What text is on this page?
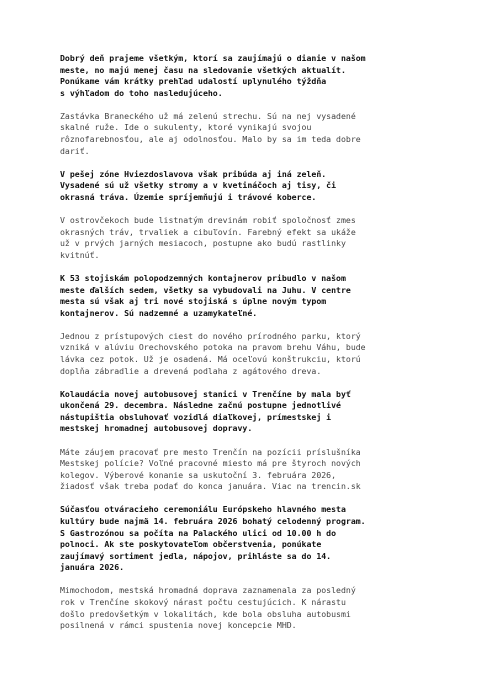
Dobrý deň prajeme všetkým, ktorí sa zaujímajú o dianie v našom
meste, no majú menej času na sledovanie všetkých aktualít.
Ponúkame vám krátky prehľad udalostí uplynulého týždňa
s výhľadom do toho nasledujúceho.

Zastávka Braneckého už má zelenú strechu. Sú na nej vysadené
skalné ruže. Ide o sukulenty, ktoré vynikajú svojou
rôznofarebnosťou, ale aj odolnosťou. Malo by sa im teda dobre
dariť.

V pešej zóne Hviezdoslavova však pribúda aj iná zeleň.
Vysadené sú už všetky stromy a v kvetináčoch aj tisy, či
okrasná tráva. Územie spríjemňujú i trávové koberce.

V ostrovčekoch bude listnatým drevinám robiť spoločnosť zmes
okrasných tráv, trvaliek a cibuľovín. Farebný efekt sa ukáže
už v prvých jarných mesiacoch, postupne ako budú rastlinky
kvitnúť.

K 53 stojiskám polopodzemných kontajnerov pribudlo v našom
meste ďalších sedem, všetky sa vybudovali na Juhu. V centre
mesta sú však aj tri nové stojiská s úplne novým typom
kontajnerov. Sú nadzemné a uzamykateľné.

Jednou z prístupových ciest do nového prírodného parku, ktorý
vzniká v alúviu Orechovského potoka na pravom brehu Váhu, bude
lávka cez potok. Už je osadená. Má oceľovú konštrukciu, ktorú
doplňa zábradlie a drevená podlaha z agátového dreva.

Kolaudácia novej autobusovej stanici v Trenčíne by mala byť
ukončená 29. decembra. Následne začnú postupne jednotlivé
nástupištia obsluhovať vozidlá diaľkovej, prímestskej i
mestskej hromadnej autobusovej dopravy.

Máte záujem pracovať pre mesto Trenčín na pozícii príslušníka
Mestskej polície? Voľné pracovné miesto má pre štyroch nových
kolegov. Výberové konanie sa uskutoční 3. februára 2026,
žiadosť však treba podať do konca januára. Viac na trencin.sk

Súčasťou otváracieho ceremoniálu Európskeho hlavného mesta
kultúry bude najmä 14. februára 2026 bohatý celodenný program.
S Gastrozónou sa počíta na Palackého ulici od 10.00 h do
polnoci. Ak ste poskytovateľom občerstvenia, ponúkate
zaujímavý sortiment jedla, nápojov, prihláste sa do 14.
januára 2026.

Mimochodom, mestská hromadná doprava zaznamenala za posledný
rok v Trenčíne skokový nárast počtu cestujúcich. K nárastu
došlo predovšetkým v lokalitách, kde bola obsluha autobusmi
posilnená v rámci spustenia novej koncepcie MHD.
